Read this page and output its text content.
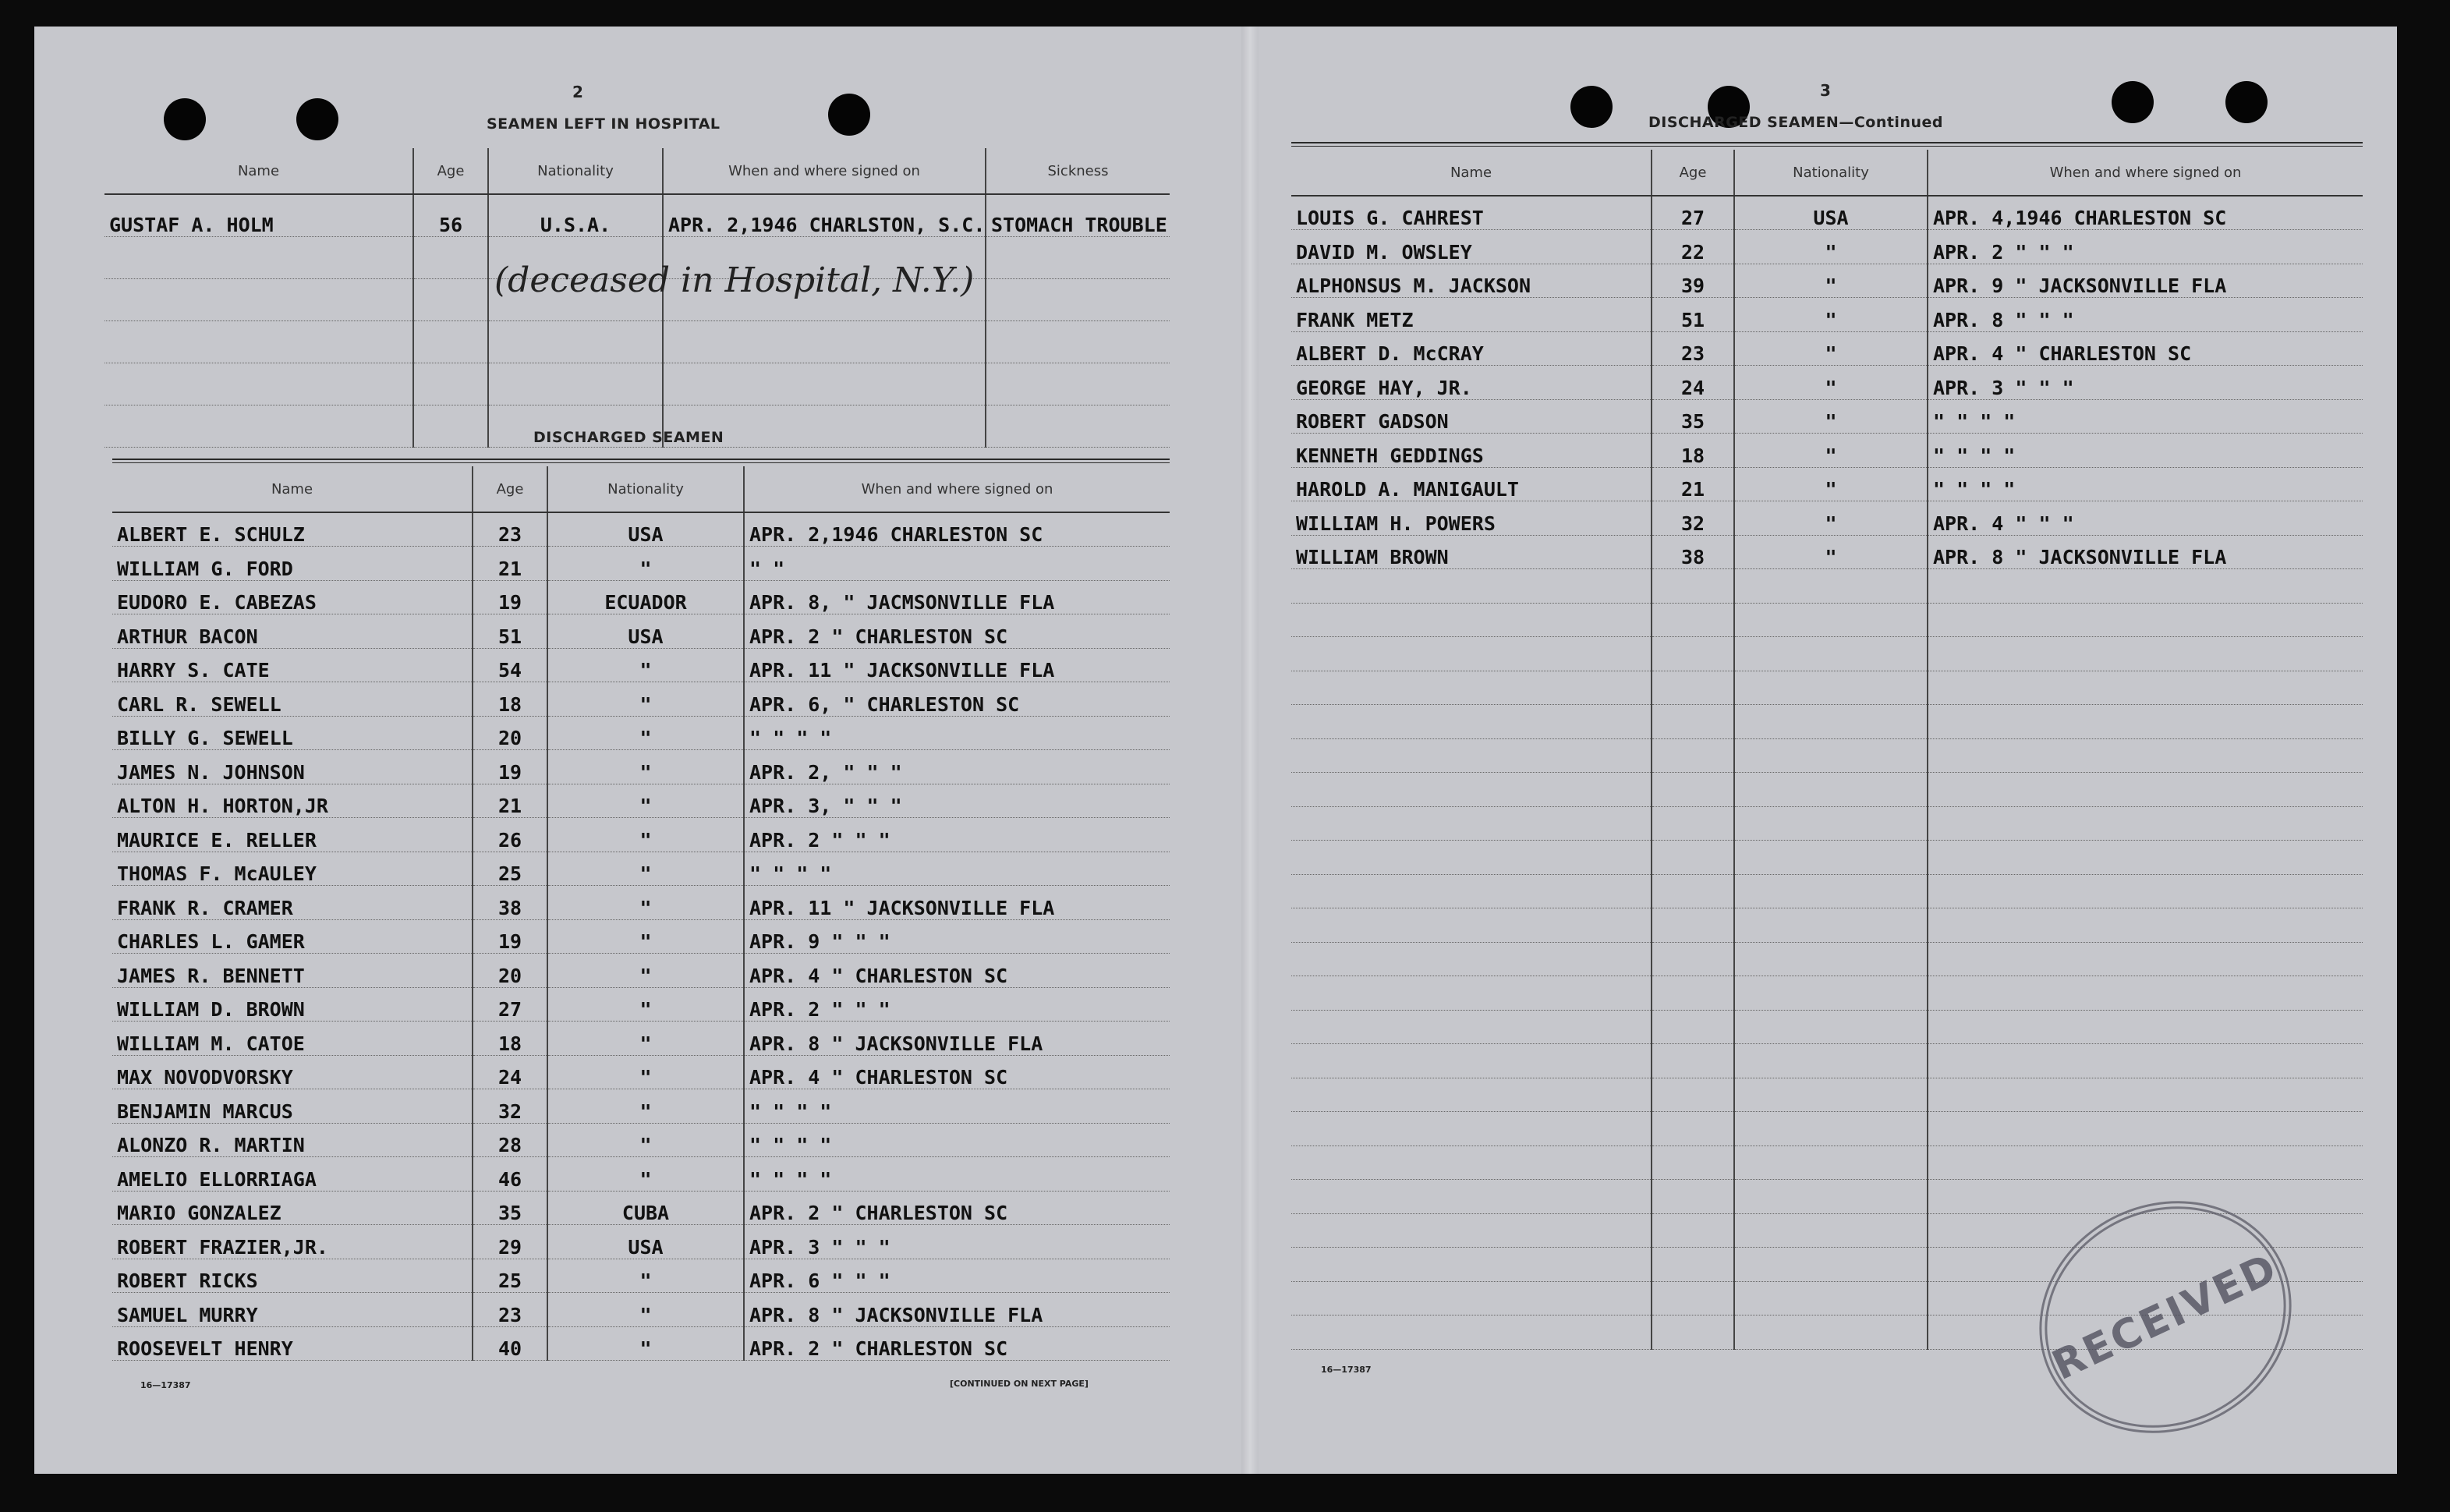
2
SEAMEN LEFT IN HOSPITAL
Name	Age	Nationality	When and where signed on	Sickness
GUSTAF A. HOLM	56	U.S.A.	APR. 2,1946 CHARLSTON, S.C.	STOMACH TROUBLE

(deceased in Hospital, N.Y.)
DISCHARGED SEAMEN
Name	Age	Nationality	When and where signed on
ALBERT E. SCHULZ	23	USA	APR. 2,1946 CHARLESTON SC
WILLIAM G. FORD	21	"	" "
EUDORO E. CABEZAS	19	ECUADOR	APR. 8, " JACMSONVILLE FLA
ARTHUR BACON	51	USA	APR. 2 " CHARLESTON SC
HARRY S. CATE	54	"	APR. 11 " JACKSONVILLE FLA
CARL R. SEWELL	18	"	APR. 6, " CHARLESTON SC
BILLY G. SEWELL	20	"	" " " "
JAMES N. JOHNSON	19	"	APR. 2, " " "
ALTON H. HORTON,JR	21	"	APR. 3, " " "
MAURICE E. RELLER	26	"	APR. 2 " " "
THOMAS F. McAULEY	25	"	" " " "
FRANK R. CRAMER	38	"	APR. 11 " JACKSONVILLE FLA
CHARLES L. GAMER	19	"	APR. 9 " " "
JAMES R. BENNETT	20	"	APR. 4 " CHARLESTON SC
WILLIAM D. BROWN	27	"	APR. 2 " " "
WILLIAM M. CATOE	18	"	APR. 8 " JACKSONVILLE FLA
MAX NOVODVORSKY	24	"	APR. 4 " CHARLESTON SC
BENJAMIN MARCUS	32	"	" " " "
ALONZO R. MARTIN	28	"	" " " "
AMELIO ELLORRIAGA	46	"	" " " "
MARIO GONZALEZ	35	CUBA	APR. 2 " CHARLESTON SC
ROBERT FRAZIER,JR.	29	USA	APR. 3 " " "
ROBERT RICKS	25	"	APR. 6 " " "
SAMUEL MURRY	23	"	APR. 8 " JACKSONVILLE FLA
ROOSEVELT HENRY	40	"	APR. 2 " CHARLESTON SC
16—17387	[CONTINUED ON NEXT PAGE]
3
DISCHARGED SEAMEN—Continued
Name	Age	Nationality	When and where signed on
LOUIS G. CAHREST	27	USA	APR. 4,1946 CHARLESTON SC
DAVID M. OWSLEY	22	"	APR. 2 " " "
ALPHONSUS M. JACKSON	39	"	APR. 9 " JACKSONVILLE FLA
FRANK METZ	51	"	APR. 8 " " "
ALBERT D. McCRAY	23	"	APR. 4 " CHARLESTON SC
GEORGE HAY, JR.	24	"	APR. 3 " " "
ROBERT GADSON	35	"	" " " "
KENNETH GEDDINGS	18	"	" " " "
HAROLD A. MANIGAULT	21	"	" " " "
WILLIAM H. POWERS	32	"	APR. 4 " " "
WILLIAM BROWN	38	"	APR. 8 " JACKSONVILLE FLA

16—17387	RECEIVED
